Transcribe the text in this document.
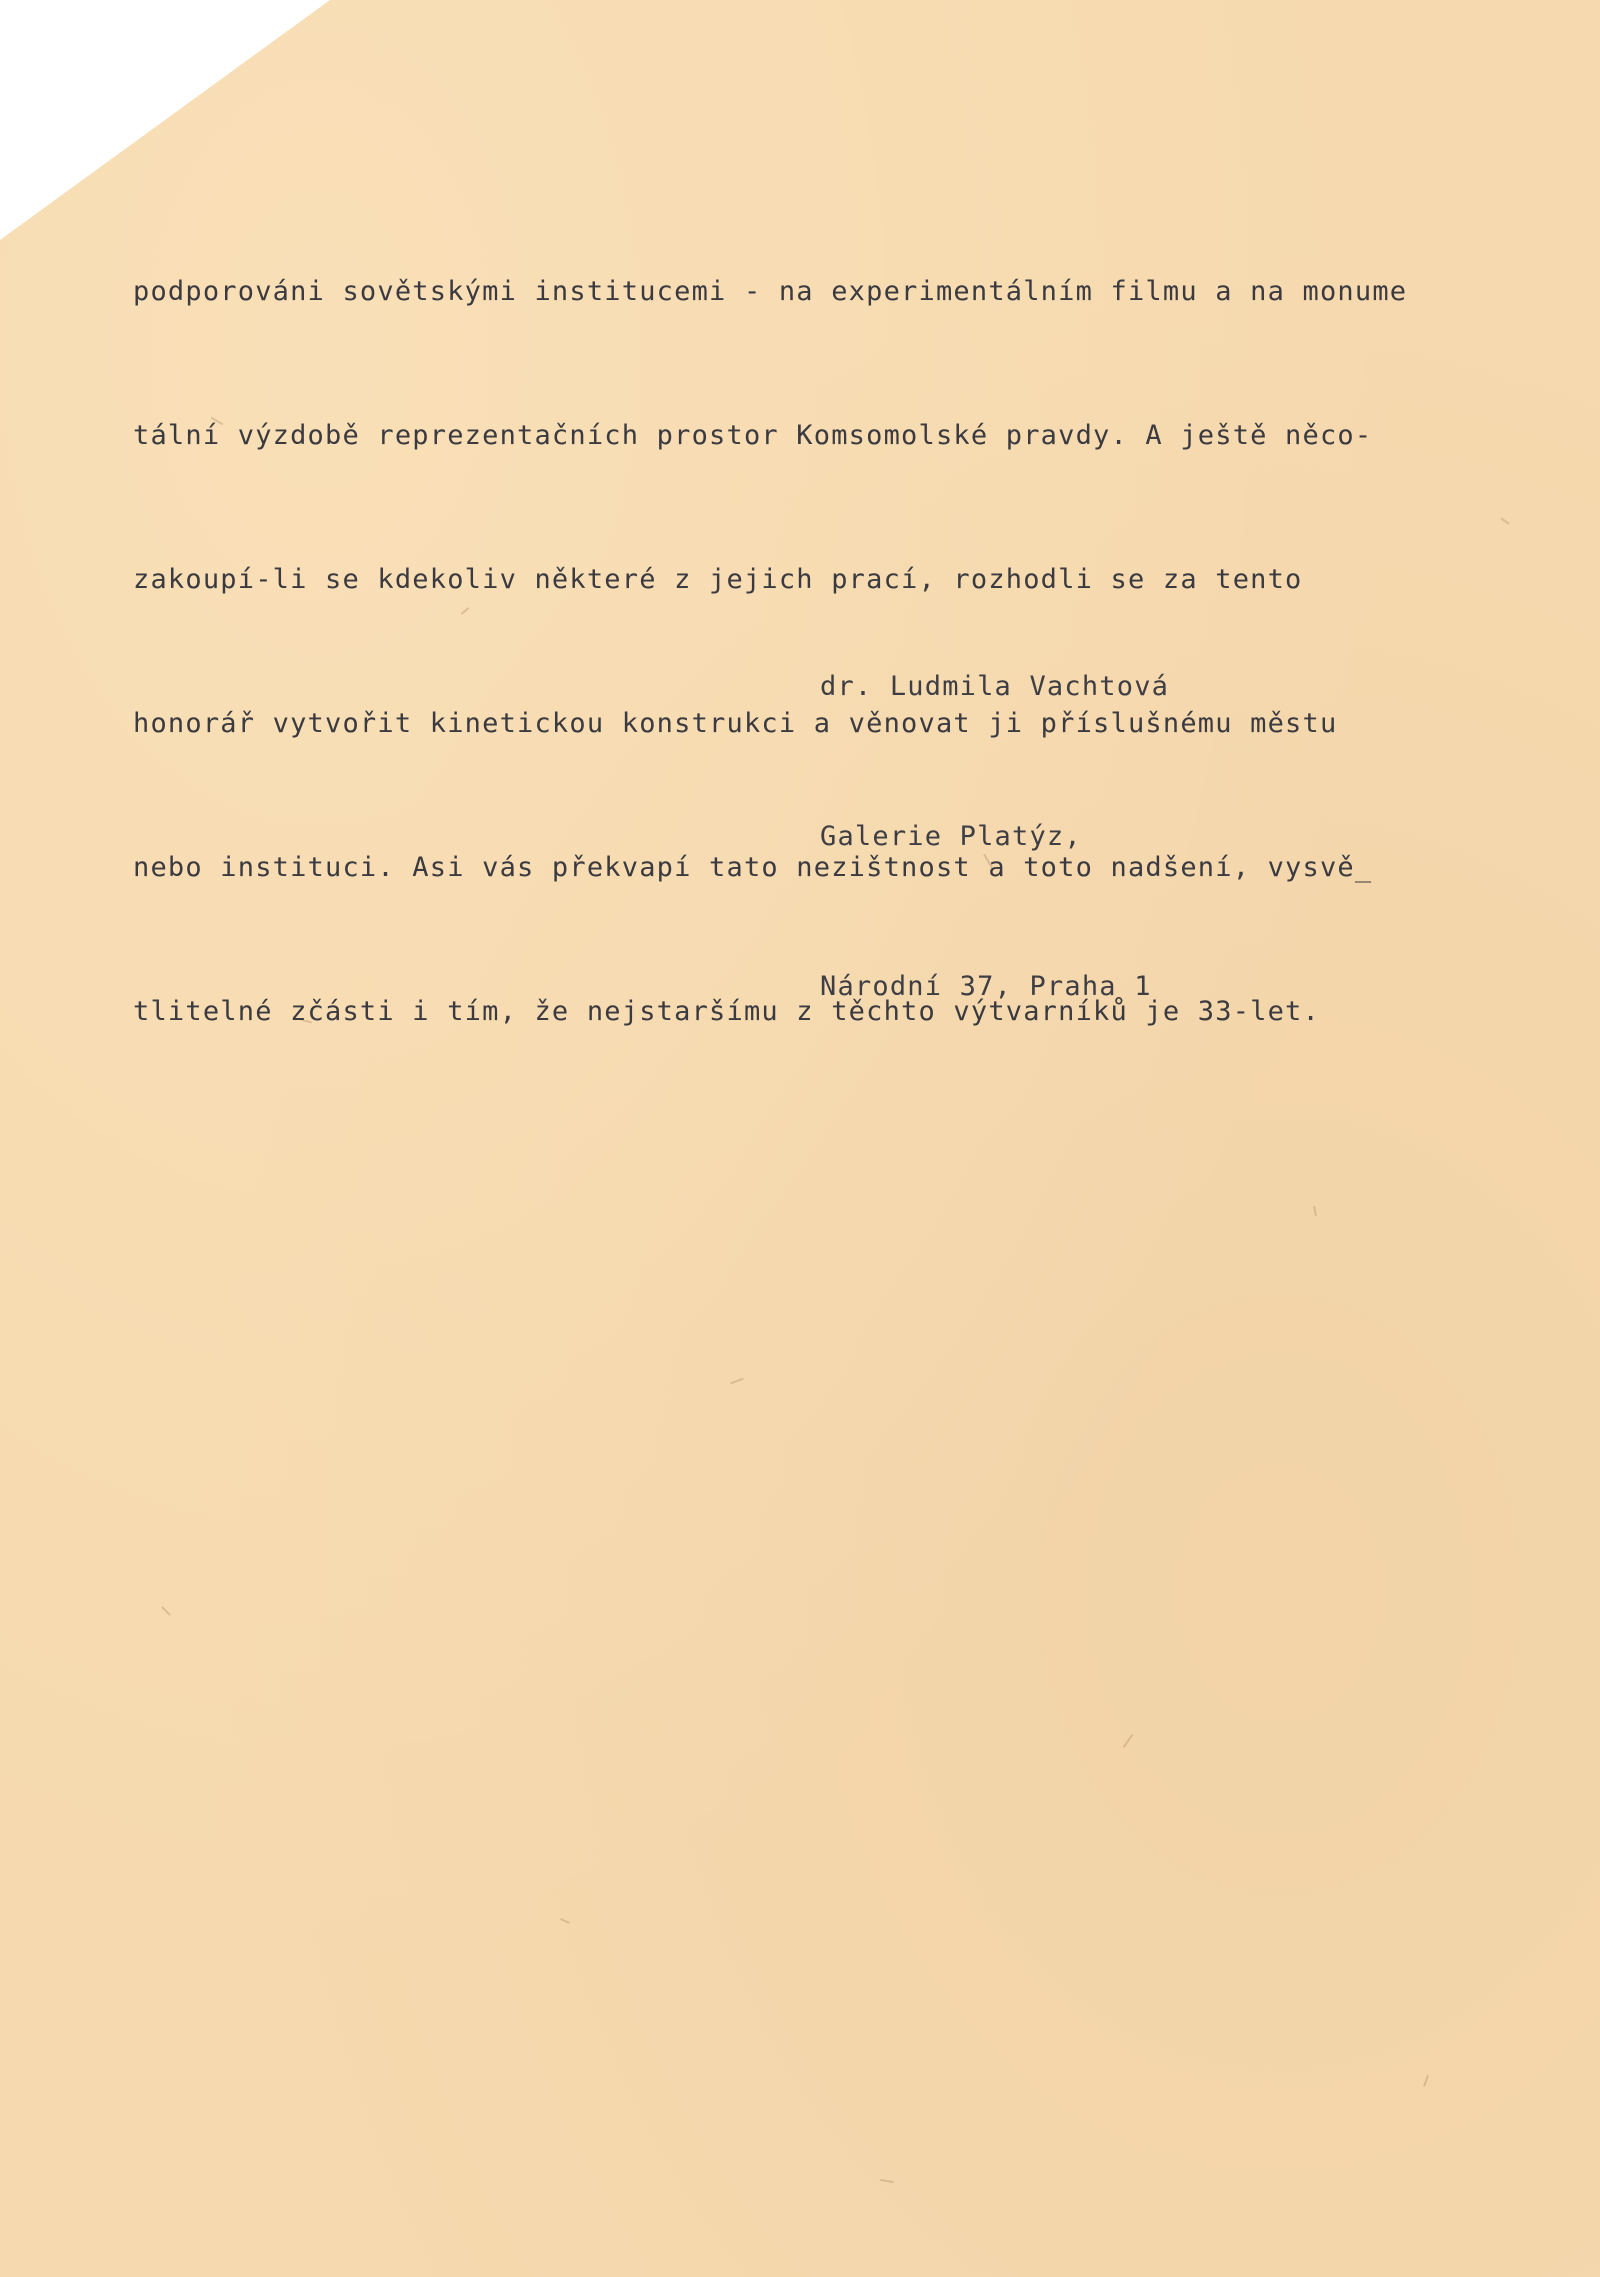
podporováni sovětskými institucemi - na experimentálním filmu a na monume

tální výzdobě reprezentačních prostor Komsomolské pravdy. A ještě něco-

zakoupí-li se kdekoliv některé z jejich prací, rozhodli se za tento

honorář vytvořit kinetickou konstrukci a věnovat ji příslušnému městu

nebo instituci. Asi vás překvapí tato nezištnost a toto nadšení, vysvě_

tlitelné zčásti i tím, že nejstaršímu z těchto výtvarníků je 33-let.

dr. Ludmila Vachtová

Galerie Platýz,

Národní 37, Praha 1
